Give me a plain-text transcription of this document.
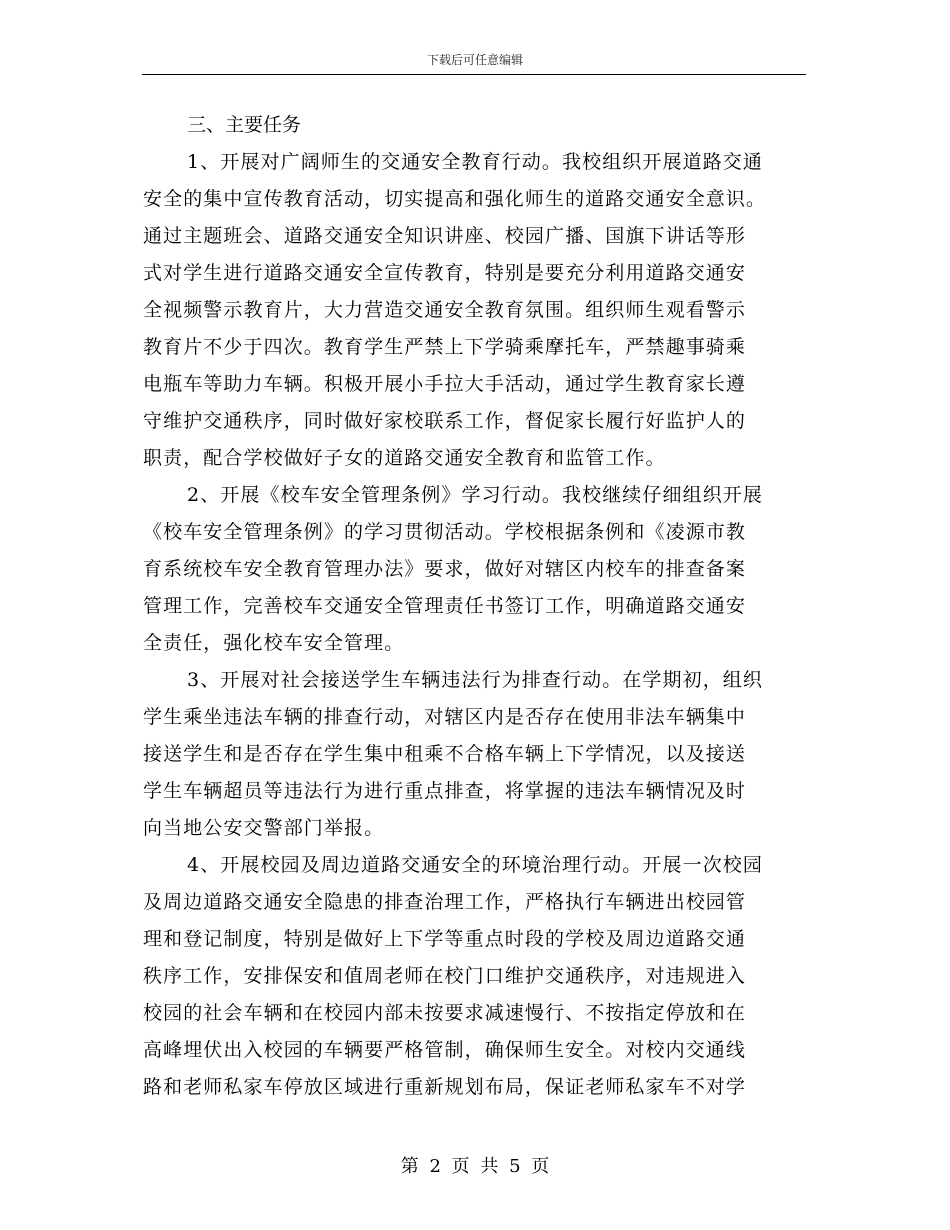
下载后可任意编辑

三、主要任务

1、开展对广阔师生的交通安全教育行动。我校组织开展道路交通

安全的集中宣传教育活动，切实提高和强化师生的道路交通安全意识。

通过主题班会、道路交通安全知识讲座、校园广播、国旗下讲话等形

式对学生进行道路交通安全宣传教育，特别是要充分利用道路交通安

全视频警示教育片，大力营造交通安全教育氛围。组织师生观看警示

教育片不少于四次。教育学生严禁上下学骑乘摩托车，严禁趣事骑乘

电瓶车等助力车辆。积极开展小手拉大手活动，通过学生教育家长遵

守维护交通秩序，同时做好家校联系工作，督促家长履行好监护人的

职责，配合学校做好子女的道路交通安全教育和监管工作。

2、开展《校车安全管理条例》学习行动。我校继续仔细组织开展

《校车安全管理条例》的学习贯彻活动。学校根据条例和《凌源市教

育系统校车安全教育管理办法》要求，做好对辖区内校车的排查备案

管理工作，完善校车交通安全管理责任书签订工作，明确道路交通安

全责任，强化校车安全管理。

3、开展对社会接送学生车辆违法行为排查行动。在学期初，组织

学生乘坐违法车辆的排查行动，对辖区内是否存在使用非法车辆集中

接送学生和是否存在学生集中租乘不合格车辆上下学情况，以及接送

学生车辆超员等违法行为进行重点排查，将掌握的违法车辆情况及时

向当地公安交警部门举报。

4、开展校园及周边道路交通安全的环境治理行动。开展一次校园

及周边道路交通安全隐患的排查治理工作，严格执行车辆进出校园管

理和登记制度，特别是做好上下学等重点时段的学校及周边道路交通

秩序工作，安排保安和值周老师在校门口维护交通秩序，对违规进入

校园的社会车辆和在校园内部未按要求减速慢行、不按指定停放和在

高峰埋伏出入校园的车辆要严格管制，确保师生安全。对校内交通线

路和老师私家车停放区域进行重新规划布局，保证老师私家车不对学

第 2 页 共 5 页
